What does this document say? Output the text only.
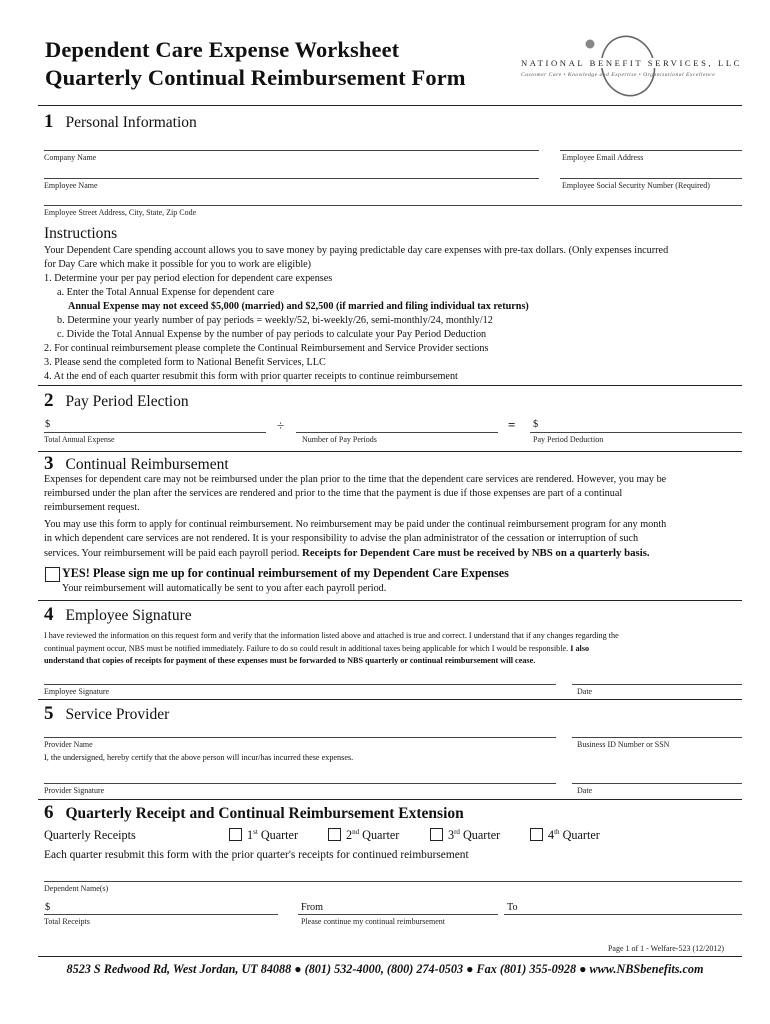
Dependent Care Expense Worksheet
Quarterly Continual Reimbursement Form
NATIONAL BENEFIT SERVICES, LLC
Customer Care • Knowledge and Expertise • Organizational Excellence
1 Personal Information
Company Name	Employee Email Address
Employee Name	Employee Social Security Number (Required)
Employee Street Address, City, State, Zip Code
Instructions
Your Dependent Care spending account allows you to save money by paying predictable day care expenses with pre-tax dollars. (Only expenses incurred
for Day Care which make it possible for you to work are eligible)
1. Determine your per pay period election for dependent care expenses
a. Enter the Total Annual Expense for dependent care
Annual Expense may not exceed $5,000 (married) and $2,500 (if married and filing individual tax returns)
b. Determine your yearly number of pay periods = weekly/52, bi-weekly/26, semi-monthly/24, monthly/12
c. Divide the Total Annual Expense by the number of pay periods to calculate your Pay Period Deduction
2. For continual reimbursement please complete the Continual Reimbursement and Service Provider sections
3. Please send the completed form to National Benefit Services, LLC
4. At the end of each quarter resubmit this form with prior quarter receipts to continue reimbursement
2 Pay Period Election
$
Total Annual Expense
÷
Number of Pay Periods
= $
Pay Period Deduction
3 Continual Reimbursement
Expenses for dependent care may not be reimbursed under the plan prior to the time that the dependent care services are rendered. However, you may be
reimbursed under the plan after the services are rendered and prior to the time that the payment is due if those expenses are part of a continual
reimbursement request.
You may use this form to apply for continual reimbursement. No reimbursement may be paid under the continual reimbursement program for any month
in which dependent care services are not rendered. It is your responsibility to advise the plan administrator of the cessation or interruption of such
services. Your reimbursement will be paid each payroll period. Receipts for Dependent Care must be received by NBS on a quarterly basis.
YES! Please sign me up for continual reimbursement of my Dependent Care Expenses
Your reimbursement will automatically be sent to you after each payroll period.
4 Employee Signature
I have reviewed the information on this request form and verify that the information listed above and attached is true and correct. I understand that if any changes regarding the
continual payment occur, NBS must be notified immediately. Failure to do so could result in additional taxes being applicable for which I would be responsible. I also
understand that copies of receipts for payment of these expenses must be forwarded to NBS quarterly or continual reimbursement will cease.
Employee Signature	Date
5 Service Provider
Provider Name	Business ID Number or SSN
I, the undersigned, hereby certify that the above person will incur/has incurred these expenses.
Provider Signature	Date
6 Quarterly Receipt and Continual Reimbursement Extension
Quarterly Receipts	1st Quarter	2nd Quarter	3rd Quarter	4th Quarter
Each quarter resubmit this form with the prior quarter's receipts for continued reimbursement
Dependent Name(s)
$
Total Receipts
From
Please continue my continual reimbursement
To
Page 1 of 1 - Welfare-523 (12/2012)
8523 S Redwood Rd, West Jordan, UT 84088 ● (801) 532-4000, (800) 274-0503 ● Fax (801) 355-0928 ● www.NBSbenefits.com
